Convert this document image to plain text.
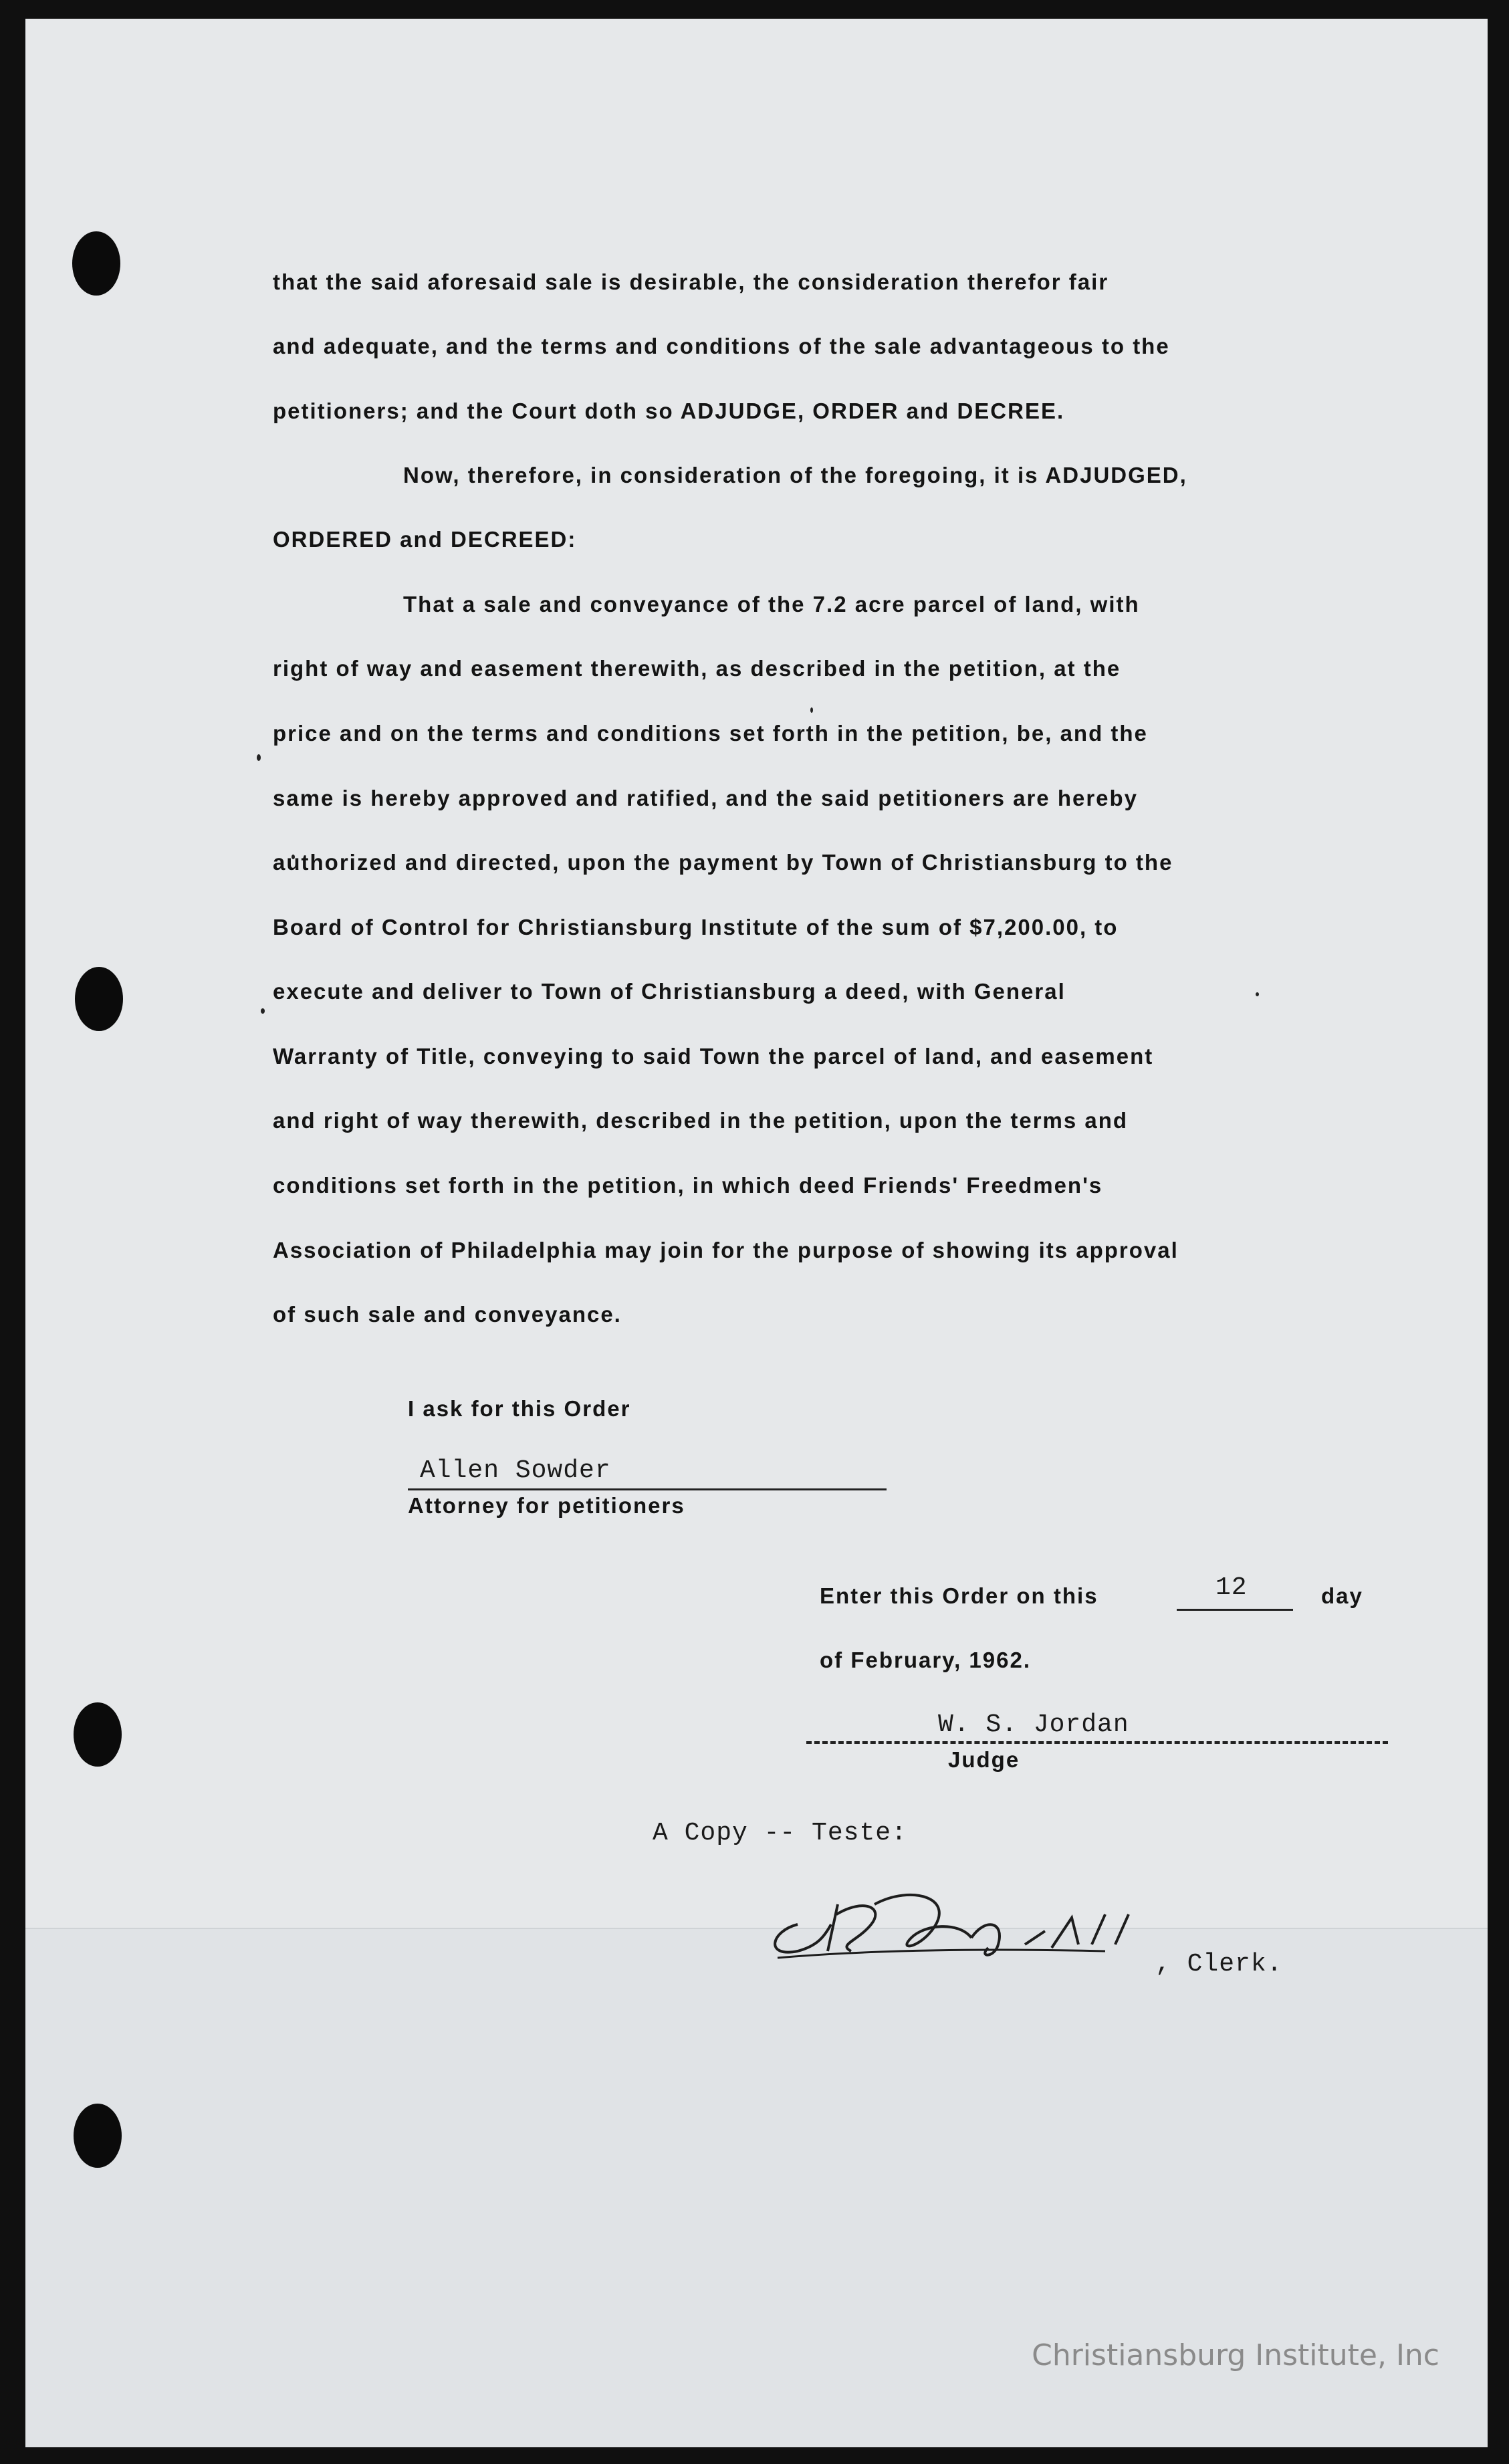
that the said aforesaid sale is desirable, the consideration therefor fair
and adequate, and the terms and conditions of the sale advantageous to the
petitioners; and the Court doth so ADJUDGE, ORDER and DECREE.
Now, therefore, in consideration of the foregoing, it is ADJUDGED,
ORDERED and DECREED:
That a sale and conveyance of the 7.2 acre parcel of land, with
right of way and easement therewith, as described in the petition, at the
price and on the terms and conditions set forth in the petition, be, and the
same is hereby approved and ratified, and the said petitioners are hereby
authorized and directed, upon the payment by Town of Christiansburg to the
Board of Control for Christiansburg Institute of the sum of $7,200.00, to
execute and deliver to Town of Christiansburg a deed, with General
Warranty of Title, conveying to said Town the parcel of land, and easement
and right of way therewith, described in the petition, upon the terms and
conditions set forth in the petition, in which deed Friends' Freedmen's
Association of Philadelphia may join for the purpose of showing its approval
of such sale and conveyance.
I ask for this Order
Allen Sowder
Attorney for petitioners
Enter this Order on this	12	day
of February, 1962.
W. S. Jordan
Judge
A Copy -- Teste:
, Clerk.
Christiansburg Institute, Inc
